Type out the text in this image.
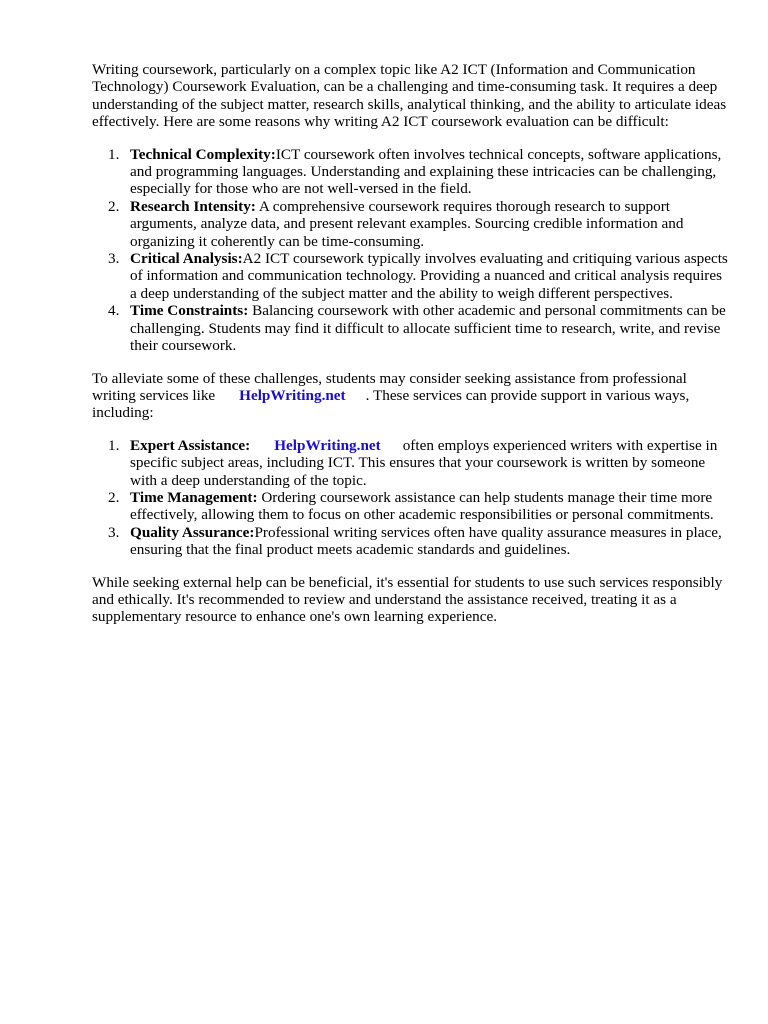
Writing coursework, particularly on a complex topic like A2 ICT (Information and Communication Technology) Coursework Evaluation, can be a challenging and time-consuming task. It requires a deep understanding of the subject matter, research skills, analytical thinking, and the ability to articulate ideas effectively. Here are some reasons why writing A2 ICT coursework evaluation can be difficult:

1. Technical Complexity:ICT coursework often involves technical concepts, software applications, and programming languages. Understanding and explaining these intricacies can be challenging, especially for those who are not well-versed in the field.
2. Research Intensity: A comprehensive coursework requires thorough research to support arguments, analyze data, and present relevant examples. Sourcing credible information and organizing it coherently can be time-consuming.
3. Critical Analysis:A2 ICT coursework typically involves evaluating and critiquing various aspects of information and communication technology. Providing a nuanced and critical analysis requires a deep understanding of the subject matter and the ability to weigh different perspectives.
4. Time Constraints: Balancing coursework with other academic and personal commitments can be challenging. Students may find it difficult to allocate sufficient time to research, write, and revise their coursework.

To alleviate some of these challenges, students may consider seeking assistance from professional writing services like HelpWriting.net . These services can provide support in various ways, including:

1. Expert Assistance: HelpWriting.net often employs experienced writers with expertise in specific subject areas, including ICT. This ensures that your coursework is written by someone with a deep understanding of the topic.
2. Time Management: Ordering coursework assistance can help students manage their time more effectively, allowing them to focus on other academic responsibilities or personal commitments.
3. Quality Assurance:Professional writing services often have quality assurance measures in place, ensuring that the final product meets academic standards and guidelines.

While seeking external help can be beneficial, it's essential for students to use such services responsibly and ethically. It's recommended to review and understand the assistance received, treating it as a supplementary resource to enhance one's own learning experience.
